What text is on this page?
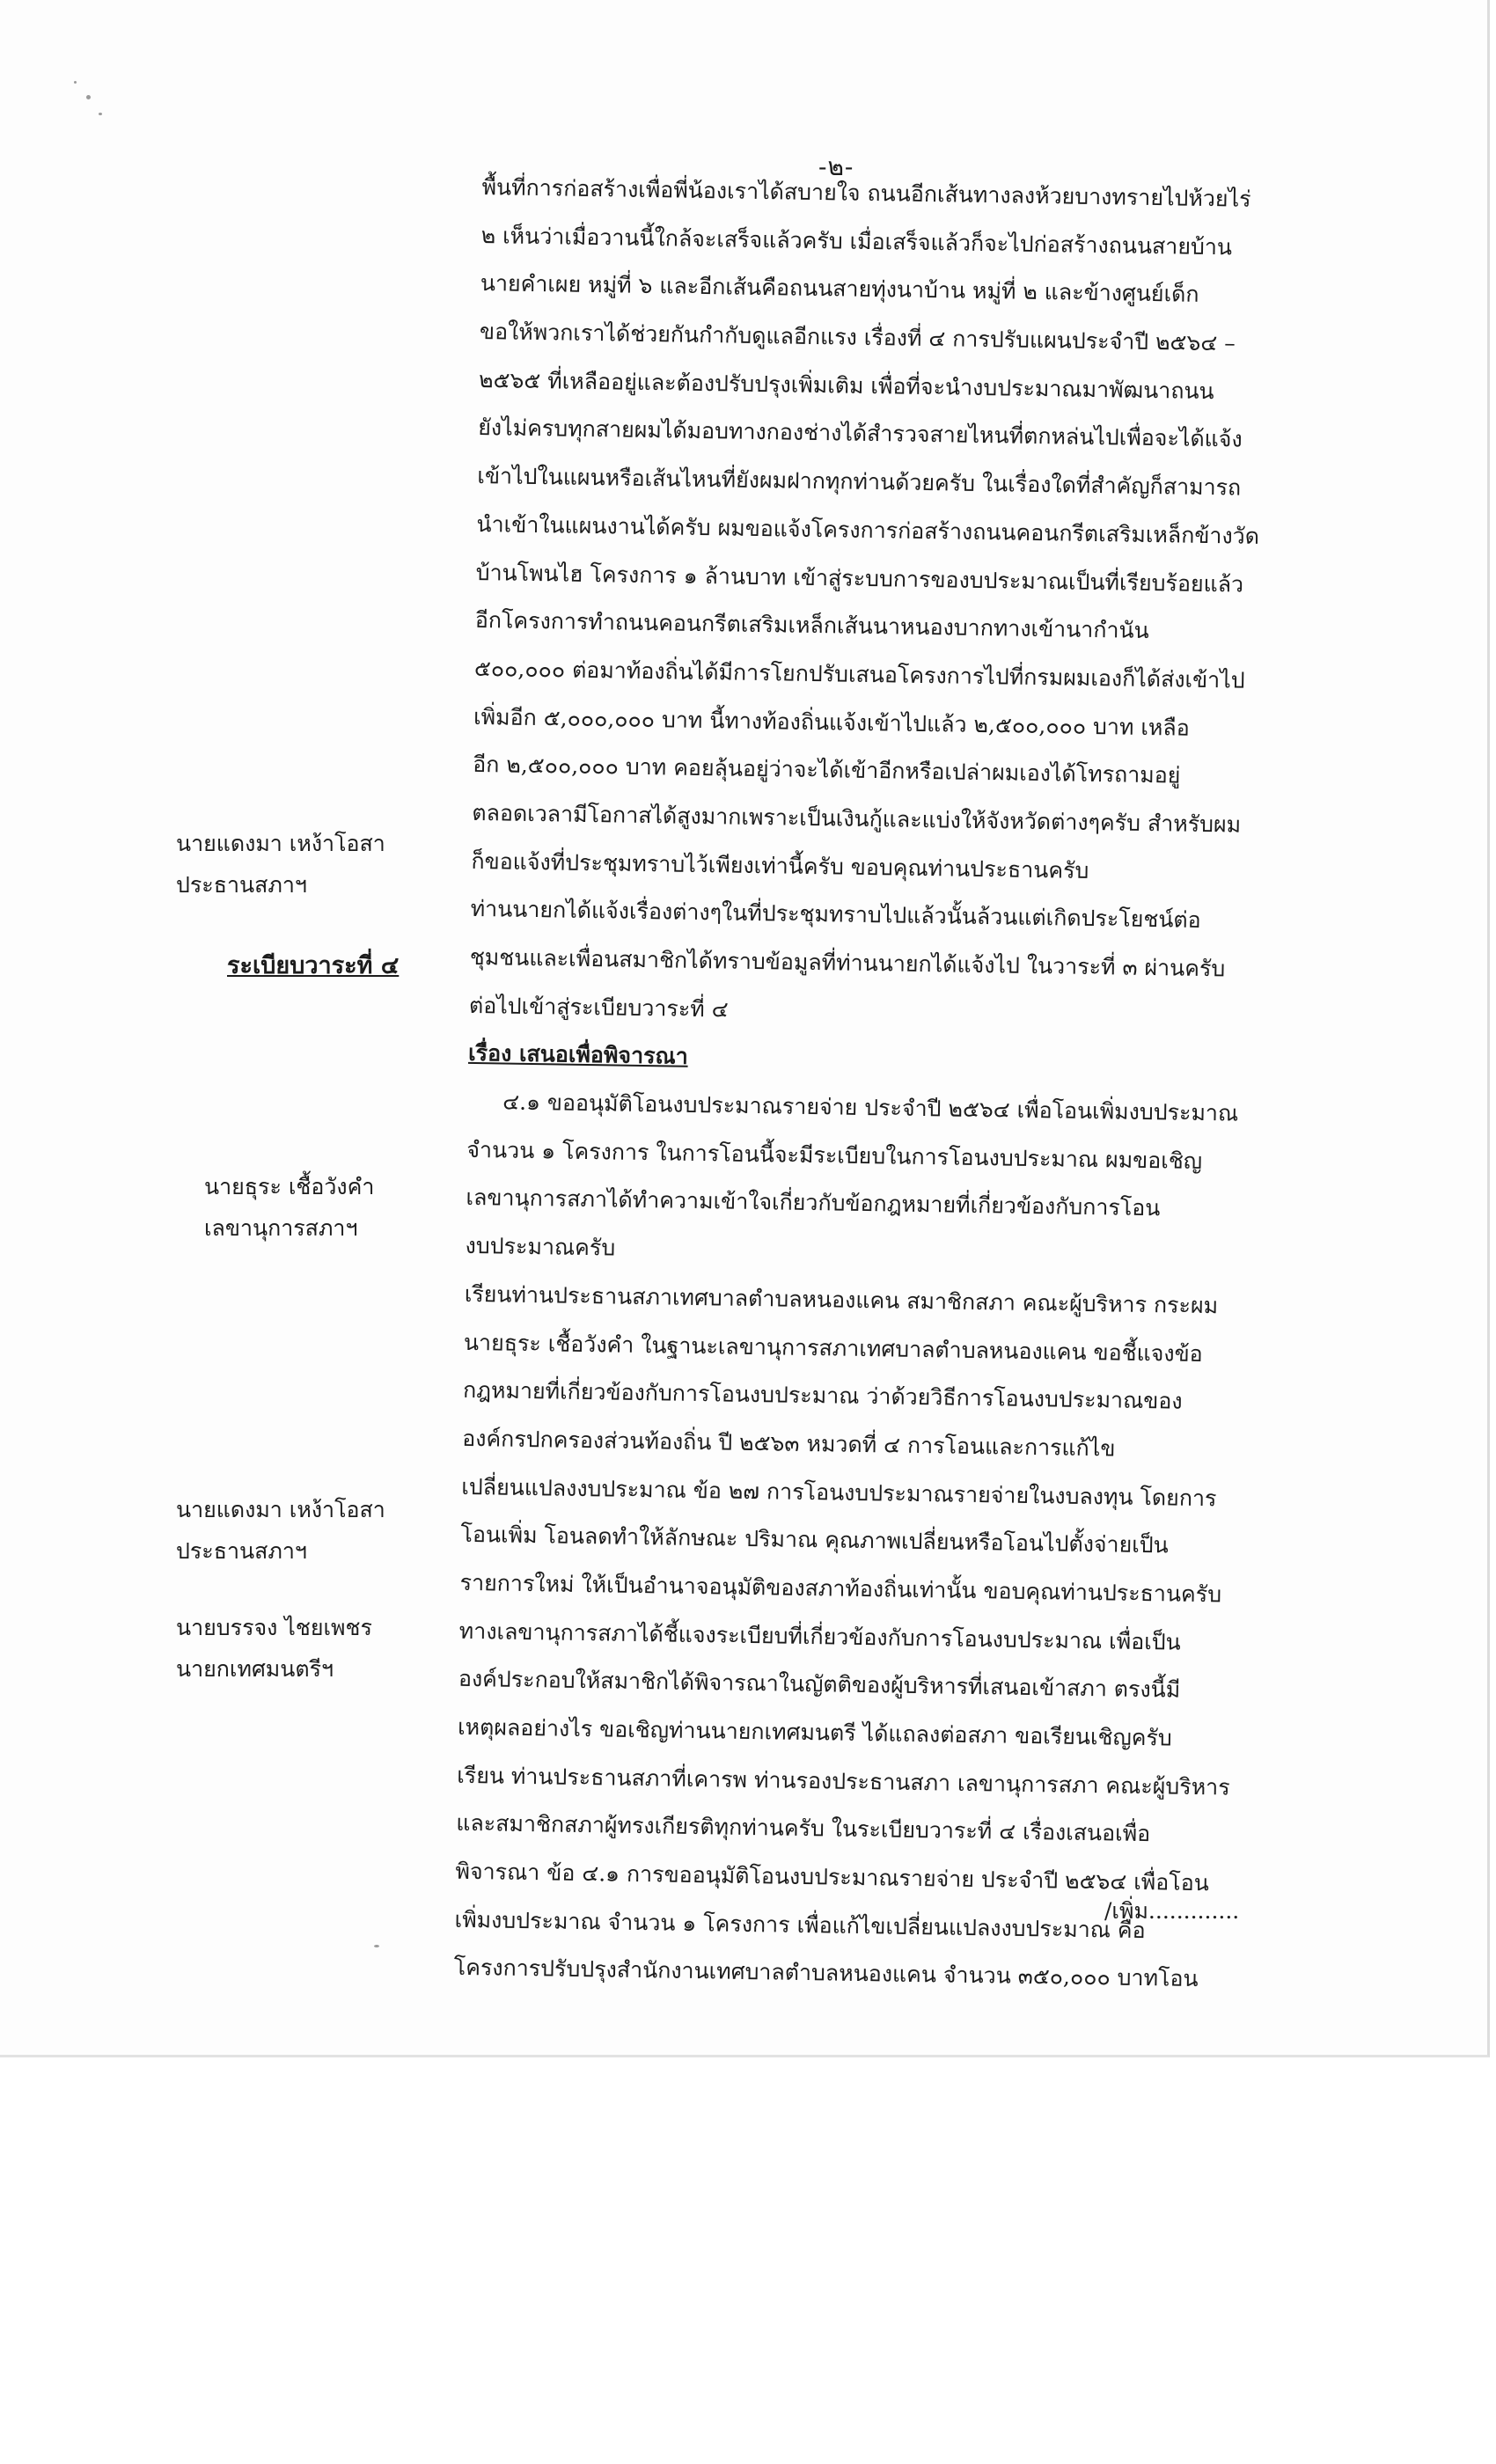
-๒-
พื้นที่การก่อสร้างเพื่อพี่น้องเราได้สบายใจ ถนนอีกเส้นทางลงห้วยบางทรายไปห้วยไร่
๒ เห็นว่าเมื่อวานนี้ใกล้จะเสร็จแล้วครับ เมื่อเสร็จแล้วก็จะไปก่อสร้างถนนสายบ้าน
นายคำเผย หมู่ที่ ๖ และอีกเส้นคือถนนสายทุ่งนาบ้าน หมู่ที่ ๒ และข้างศูนย์เด็ก
ขอให้พวกเราได้ช่วยกันกำกับดูแลอีกแรง เรื่องที่ ๔ การปรับแผนประจำปี ๒๕๖๔ –
๒๕๖๕ ที่เหลืออยู่และต้องปรับปรุงเพิ่มเติม เพื่อที่จะนำงบประมาณมาพัฒนาถนน
ยังไม่ครบทุกสายผมได้มอบทางกองช่างได้สำรวจสายไหนที่ตกหล่นไปเพื่อจะได้แจ้ง
เข้าไปในแผนหรือเส้นไหนที่ยังผมฝากทุกท่านด้วยครับ ในเรื่องใดที่สำคัญก็สามารถ
นำเข้าในแผนงานได้ครับ ผมขอแจ้งโครงการก่อสร้างถนนคอนกรีตเสริมเหล็กข้างวัด
บ้านโพนไฮ โครงการ ๑ ล้านบาท เข้าสู่ระบบการของบประมาณเป็นที่เรียบร้อยแล้ว
อีกโครงการทำถนนคอนกรีตเสริมเหล็กเส้นนาหนองบากทางเข้านากำนัน
๕๐๐,๐๐๐ ต่อมาท้องถิ่นได้มีการโยกปรับเสนอโครงการไปที่กรมผมเองก็ได้ส่งเข้าไป
เพิ่มอีก ๕,๐๐๐,๐๐๐ บาท นี้ทางท้องถิ่นแจ้งเข้าไปแล้ว ๒,๕๐๐,๐๐๐ บาท เหลือ
อีก ๒,๕๐๐,๐๐๐ บาท คอยลุ้นอยู่ว่าจะได้เข้าอีกหรือเปล่าผมเองได้โทรถามอยู่
ตลอดเวลามีโอกาสได้สูงมากเพราะเป็นเงินกู้และแบ่งให้จังหวัดต่างๆครับ สำหรับผม
ก็ขอแจ้งที่ประชุมทราบไว้เพียงเท่านี้ครับ ขอบคุณท่านประธานครับ
ท่านนายกได้แจ้งเรื่องต่างๆในที่ประชุมทราบไปแล้วนั้นล้วนแต่เกิดประโยชน์ต่อ
ชุมชนและเพื่อนสมาชิกได้ทราบข้อมูลที่ท่านนายกได้แจ้งไป ในวาระที่ ๓ ผ่านครับ
ต่อไปเข้าสู่ระเบียบวาระที่ ๔
เรื่อง เสนอเพื่อพิจารณา
๔.๑ ขออนุมัติโอนงบประมาณรายจ่าย ประจำปี ๒๕๖๔ เพื่อโอนเพิ่มงบประมาณ
จำนวน ๑ โครงการ ในการโอนนี้จะมีระเบียบในการโอนงบประมาณ ผมขอเชิญ
เลขานุการสภาได้ทำความเข้าใจเกี่ยวกับข้อกฎหมายที่เกี่ยวข้องกับการโอน
งบประมาณครับ
เรียนท่านประธานสภาเทศบาลตำบลหนองแคน สมาชิกสภา คณะผู้บริหาร กระผม
นายธุระ เชื้อวังคำ ในฐานะเลขานุการสภาเทศบาลตำบลหนองแคน ขอชี้แจงข้อ
กฎหมายที่เกี่ยวข้องกับการโอนงบประมาณ ว่าด้วยวิธีการโอนงบประมาณของ
องค์กรปกครองส่วนท้องถิ่น ปี ๒๕๖๓ หมวดที่ ๔ การโอนและการแก้ไข
เปลี่ยนแปลงงบประมาณ ข้อ ๒๗ การโอนงบประมาณรายจ่ายในงบลงทุน โดยการ
โอนเพิ่ม โอนลดทำให้ลักษณะ ปริมาณ คุณภาพเปลี่ยนหรือโอนไปตั้งจ่ายเป็น
รายการใหม่ ให้เป็นอำนาจอนุมัติของสภาท้องถิ่นเท่านั้น ขอบคุณท่านประธานครับ
ทางเลขานุการสภาได้ชี้แจงระเบียบที่เกี่ยวข้องกับการโอนงบประมาณ เพื่อเป็น
องค์ประกอบให้สมาชิกได้พิจารณาในญัตติของผู้บริหารที่เสนอเข้าสภา ตรงนี้มี
เหตุผลอย่างไร ขอเชิญท่านนายกเทศมนตรี ได้แถลงต่อสภา ขอเรียนเชิญครับ
เรียน ท่านประธานสภาที่เคารพ ท่านรองประธานสภา เลขานุการสภา คณะผู้บริหาร
และสมาชิกสภาผู้ทรงเกียรติทุกท่านครับ ในระเบียบวาระที่ ๔ เรื่องเสนอเพื่อ
พิจารณา ข้อ ๔.๑ การขออนุมัติโอนงบประมาณรายจ่าย ประจำปี ๒๕๖๔ เพื่อโอน
เพิ่มงบประมาณ จำนวน ๑ โครงการ เพื่อแก้ไขเปลี่ยนแปลงงบประมาณ คือ
โครงการปรับปรุงสำนักงานเทศบาลตำบลหนองแคน จำนวน ๓๕๐,๐๐๐ บาทโอน
นายแดงมา เหง้าโอสา
ประธานสภาฯ
ระเบียบวาระที่ ๔
นายธุระ เชื้อวังคำ
เลขานุการสภาฯ
นายแดงมา เหง้าโอสา
ประธานสภาฯ
นายบรรจง ไชยเพชร
นายกเทศมนตรีฯ
/เพิ่ม.............
